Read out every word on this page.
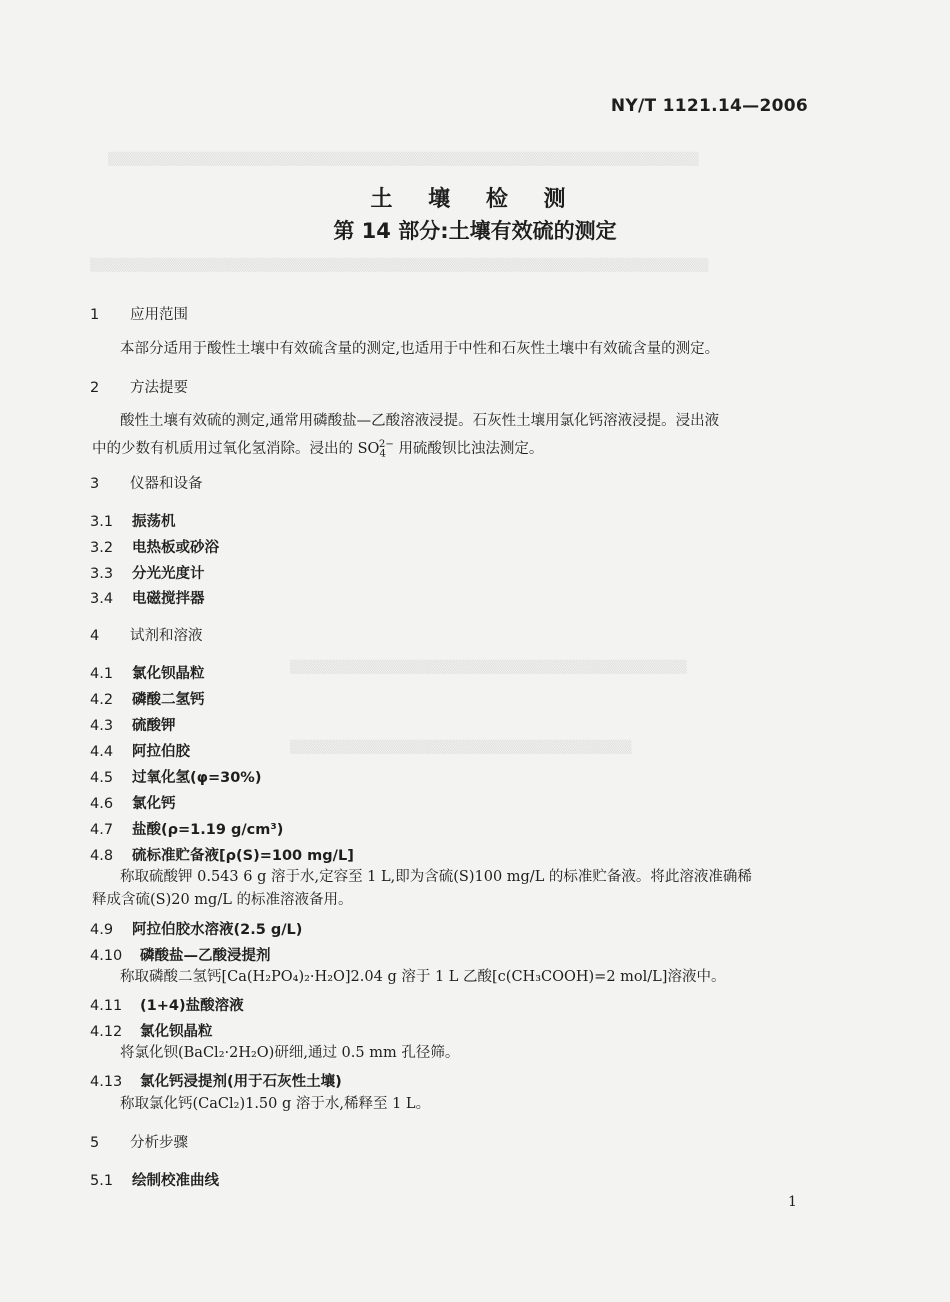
▒▒▒▒▒▒▒▒▒▒▒▒▒▒▒▒▒▒▒▒▒▒▒▒▒▒▒▒▒▒▒▒▒▒▒▒▒▒▒▒▒▒▒▒▒▒▒▒▒▒▒▒▒▒▒▒▒▒▒▒▒▒▒▒
▒▒▒▒▒▒▒▒▒▒▒▒▒▒▒▒▒▒▒▒▒▒▒▒▒▒▒▒▒▒▒▒▒▒▒▒▒▒▒▒▒▒▒▒▒▒▒▒▒▒▒▒▒▒▒▒▒▒▒▒▒▒▒▒▒▒▒
▒▒▒▒▒▒▒▒▒▒▒▒▒▒▒▒▒▒▒▒▒▒▒▒▒▒▒▒▒▒▒▒▒▒▒▒▒▒▒▒▒▒▒
▒▒▒▒▒▒▒▒▒▒▒▒▒▒▒▒▒▒▒▒▒▒▒▒▒▒▒▒▒▒▒▒▒▒▒▒▒
NY/T 1121.14—2006
土 壤 检 测
第 14 部分:土壤有效硫的测定
1 应用范围
本部分适用于酸性土壤中有效硫含量的测定,也适用于中性和石灰性土壤中有效硫含量的测定。
2 方法提要
酸性土壤有效硫的测定,通常用磷酸盐—乙酸溶液浸提。石灰性土壤用氯化钙溶液浸提。浸出液
中的少数有机质用过氧化氢消除。浸出的 $SO_4^{2-}$ 用硫酸钡比浊法测定。
3 仪器和设备
3.1 振荡机
3.2 电热板或砂浴
3.3 分光光度计
3.4 电磁搅拌器
4 试剂和溶液
4.1 氯化钡晶粒
4.2 磷酸二氢钙
4.3 硫酸钾
4.4 阿拉伯胶
4.5 过氧化氢(φ=30%)
4.6 氯化钙
4.7 盐酸(ρ=1.19 g/cm³)
4.8 硫标准贮备液[ρ(S)=100 mg/L]
称取硫酸钾 0.543 6 g 溶于水,定容至 1 L,即为含硫(S)100 mg/L 的标准贮备液。将此溶液准确稀
释成含硫(S)20 mg/L 的标准溶液备用。
4.9 阿拉伯胶水溶液(2.5 g/L)
4.10 磷酸盐—乙酸浸提剂
称取磷酸二氢钙[Ca(H₂PO₄)₂·H₂O]2.04 g 溶于 1 L 乙酸[c(CH₃COOH)=2 mol/L]溶液中。
4.11 (1+4)盐酸溶液
4.12 氯化钡晶粒
将氯化钡(BaCl₂·2H₂O)研细,通过 0.5 mm 孔径筛。
4.13 氯化钙浸提剂(用于石灰性土壤)
称取氯化钙(CaCl₂)1.50 g 溶于水,稀释至 1 L。
5 分析步骤
5.1 绘制校准曲线
1
